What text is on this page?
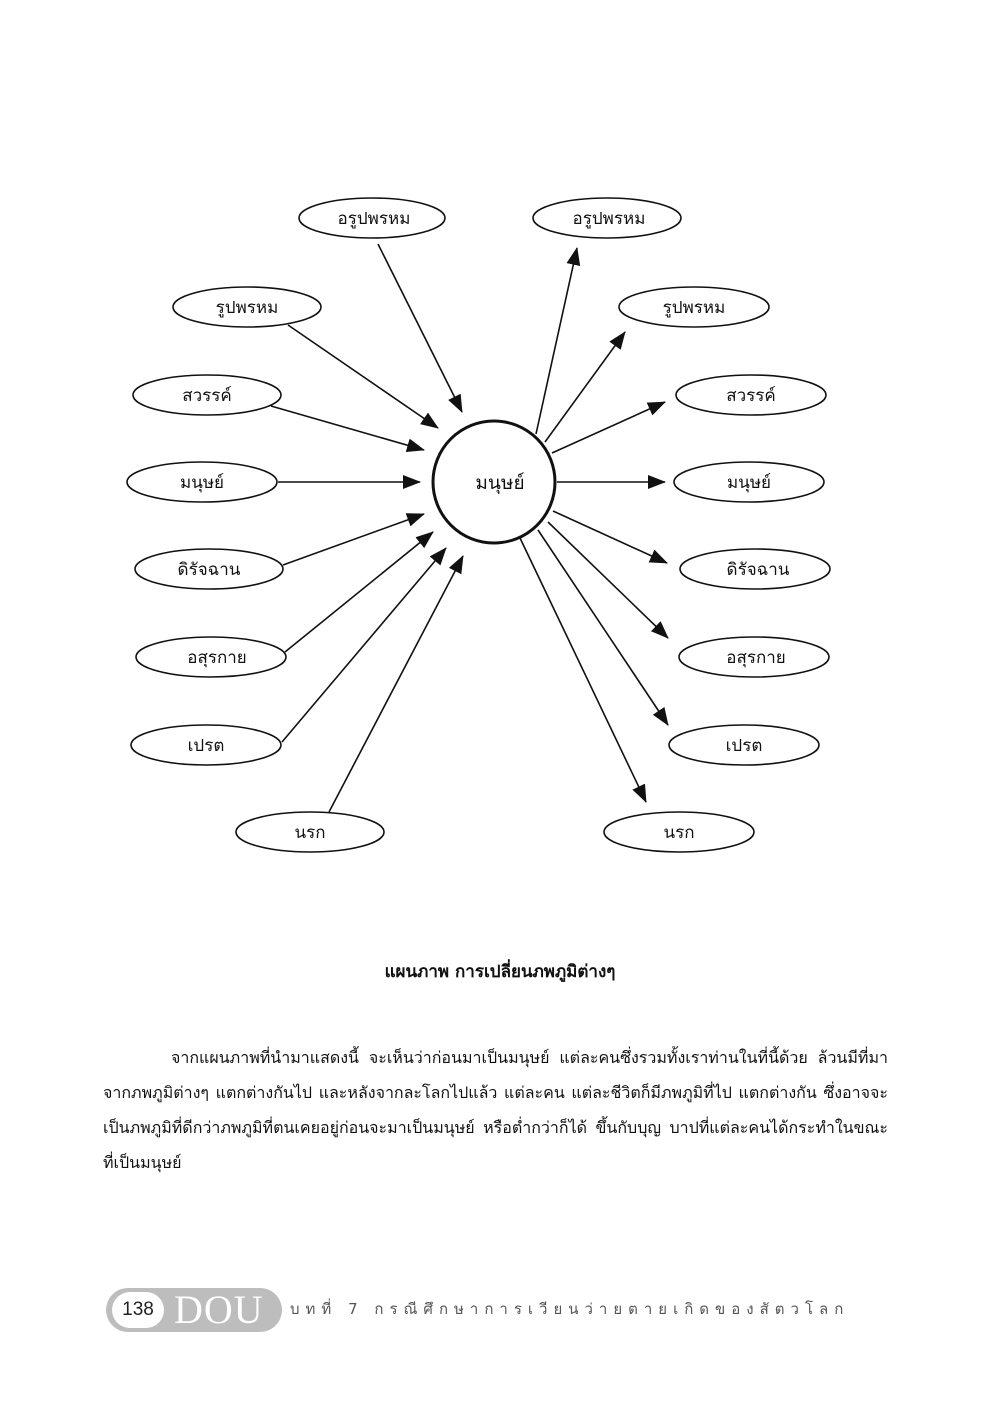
มนุษย์
อรูปพรหม
รูปพรหม
สวรรค์
มนุษย์
ดิรัจฉาน
อสุรกาย
เปรต
นรก
อรูปพรหม
รูปพรหม
สวรรค์
มนุษย์
ดิรัจฉาน
อสุรกาย
เปรต
นรก

แผนภาพ การเปลี่ยนภพภูมิต่างๆ

จากแผนภาพที่นำมาแสดงนี้ จะเห็นว่าก่อนมาเป็นมนุษย์ แต่ละคนซึ่งรวมทั้งเราท่านในที่นี้ด้วย ล้วนมีที่มาจากภพภูมิต่างๆ แตกต่างกันไป และหลังจากละโลกไปแล้ว แต่ละคน แต่ละชีวิตก็มีภพภูมิที่ไป แตกต่างกัน ซึ่งอาจจะเป็นภพภูมิที่ดีกว่าภพภูมิที่ตนเคยอยู่ก่อนจะมาเป็นมนุษย์ หรือต่ำกว่าก็ได้ ขึ้นกับบุญ บาปที่แต่ละคนได้กระทำในขณะที่เป็นมนุษย์

138 DOU บทที่ 7 กรณีศึกษาการเวียนว่ายตายเกิดของสัตวโลก
